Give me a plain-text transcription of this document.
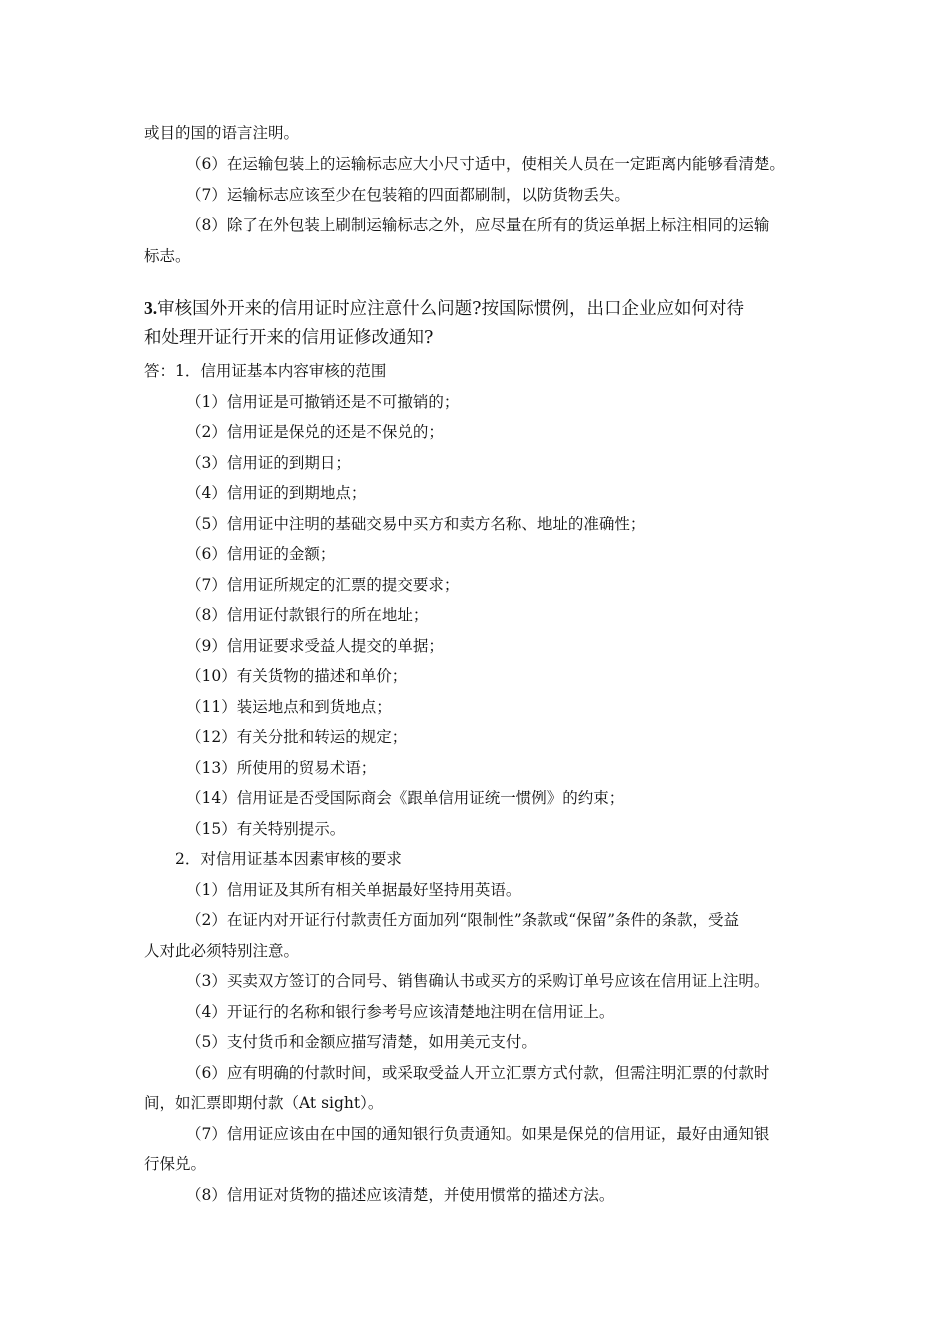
或目的国的语言注明。
（6）在运输包装上的运输标志应大小尺寸适中，使相关人员在一定距离内能够看清楚。
（7）运输标志应该至少在包装箱的四面都刷制，以防货物丢失。
（8）除了在外包装上刷制运输标志之外，应尽量在所有的货运单据上标注相同的运输
标志。
3.审核国外开来的信用证时应注意什么问题?按国际惯例，出口企业应如何对待
和处理开证行开来的信用证修改通知?
答：1．信用证基本内容审核的范围
（1）信用证是可撤销还是不可撤销的；
（2）信用证是保兑的还是不保兑的；
（3）信用证的到期日；
（4）信用证的到期地点；
（5）信用证中注明的基础交易中买方和卖方名称、地址的准确性；
（6）信用证的金额；
（7）信用证所规定的汇票的提交要求；
（8）信用证付款银行的所在地址；
（9）信用证要求受益人提交的单据；
（10）有关货物的描述和单价；
（11）装运地点和到货地点；
（12）有关分批和转运的规定；
（13）所使用的贸易术语；
（14）信用证是否受国际商会《跟单信用证统一惯例》的约束；
（15）有关特别提示。
2．对信用证基本因素审核的要求
（1）信用证及其所有相关单据最好坚持用英语。
（2）在证内对开证行付款责任方面加列“限制性”条款或“保留”条件的条款，受益
人对此必须特别注意。
（3）买卖双方签订的合同号、销售确认书或买方的采购订单号应该在信用证上注明。
（4）开证行的名称和银行参考号应该清楚地注明在信用证上。
（5）支付货币和金额应描写清楚，如用美元支付。
（6）应有明确的付款时间，或采取受益人开立汇票方式付款，但需注明汇票的付款时
间，如汇票即期付款（At sight）。
（7）信用证应该由在中国的通知银行负责通知。如果是保兑的信用证，最好由通知银
行保兑。
（8）信用证对货物的描述应该清楚，并使用惯常的描述方法。
